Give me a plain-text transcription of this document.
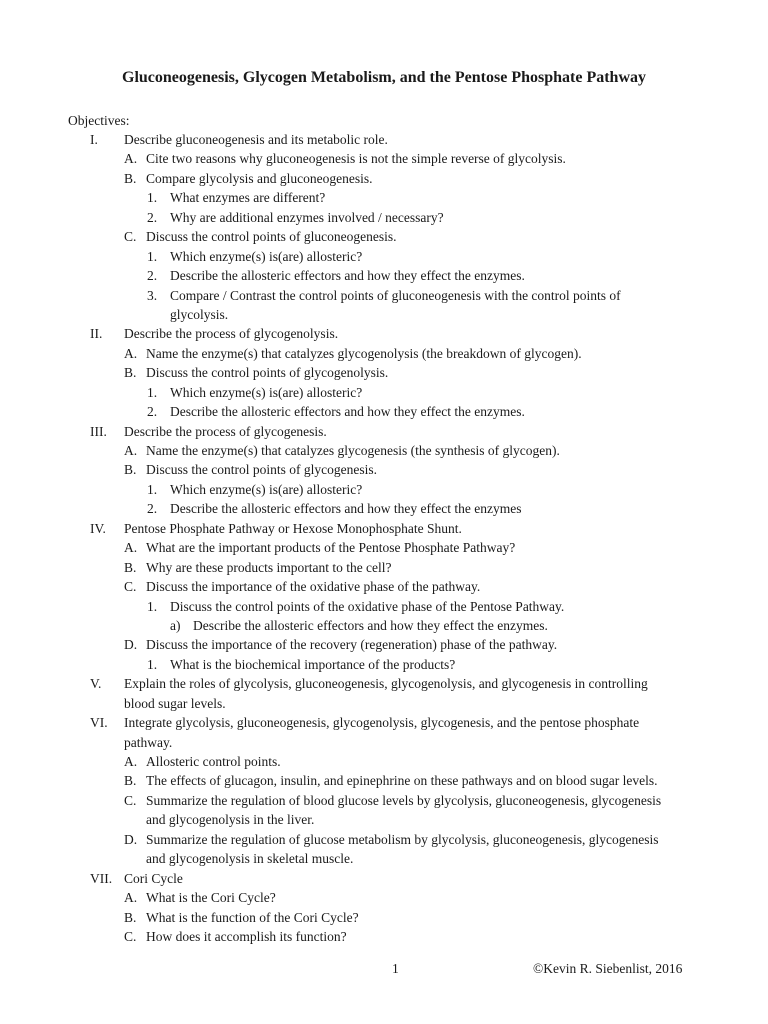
Gluconeogenesis, Glycogen Metabolism, and the Pentose Phosphate Pathway
Objectives:
I. Describe gluconeogenesis and its metabolic role.
A. Cite two reasons why gluconeogenesis is not the simple reverse of glycolysis.
B. Compare glycolysis and gluconeogenesis.
1. What enzymes are different?
2. Why are additional enzymes involved / necessary?
C. Discuss the control points of gluconeogenesis.
1. Which enzyme(s) is(are) allosteric?
2. Describe the allosteric effectors and how they effect the enzymes.
3. Compare / Contrast the control points of gluconeogenesis with the control points of
glycolysis.
II. Describe the process of glycogenolysis.
A. Name the enzyme(s) that catalyzes glycogenolysis (the breakdown of glycogen).
B. Discuss the control points of glycogenolysis.
1. Which enzyme(s) is(are) allosteric?
2. Describe the allosteric effectors and how they effect the enzymes.
III. Describe the process of glycogenesis.
A. Name the enzyme(s) that catalyzes glycogenesis (the synthesis of glycogen).
B. Discuss the control points of glycogenesis.
1. Which enzyme(s) is(are) allosteric?
2. Describe the allosteric effectors and how they effect the enzymes
IV. Pentose Phosphate Pathway or Hexose Monophosphate Shunt.
A. What are the important products of the Pentose Phosphate Pathway?
B. Why are these products important to the cell?
C. Discuss the importance of the oxidative phase of the pathway.
1. Discuss the control points of the oxidative phase of the Pentose Pathway.
a) Describe the allosteric effectors and how they effect the enzymes.
D. Discuss the importance of the recovery (regeneration) phase of the pathway.
1. What is the biochemical importance of the products?
V. Explain the roles of glycolysis, gluconeogenesis, glycogenolysis, and glycogenesis in controlling
blood sugar levels.
VI. Integrate glycolysis, gluconeogenesis, glycogenolysis, glycogenesis, and the pentose phosphate
pathway.
A. Allosteric control points.
B. The effects of glucagon, insulin, and epinephrine on these pathways and on blood sugar levels.
C. Summarize the regulation of blood glucose levels by glycolysis, gluconeogenesis, glycogenesis
and glycogenolysis in the liver.
D. Summarize the regulation of glucose metabolism by glycolysis, gluconeogenesis, glycogenesis
and glycogenolysis in skeletal muscle.
VII. Cori Cycle
A. What is the Cori Cycle?
B. What is the function of the Cori Cycle?
C. How does it accomplish its function?
1	©Kevin R. Siebenlist, 2016
